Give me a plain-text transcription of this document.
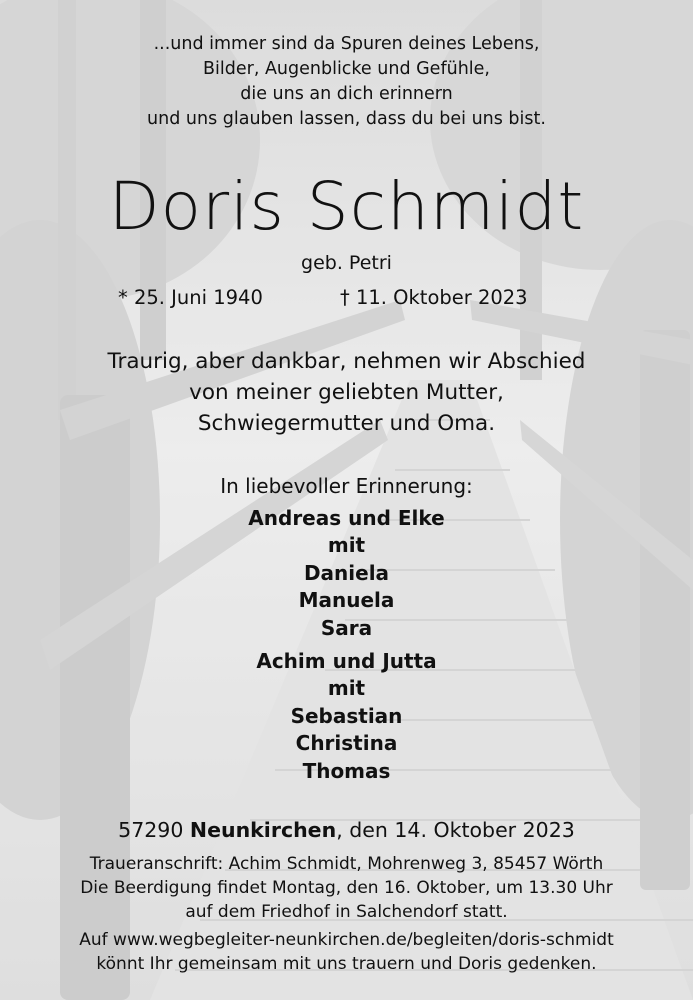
...und immer sind da Spuren deines Lebens,
Bilder, Augenblicke und Gefühle,
die uns an dich erinnern
und uns glauben lassen, dass du bei uns bist.
Doris Schmidt
geb. Petri
* 25. Juni 1940	† 11. Oktober 2023
Traurig, aber dankbar, nehmen wir Abschied
von meiner geliebten Mutter,
Schwiegermutter und Oma.
In liebevoller Erinnerung:
Andreas und Elke
mit
Daniela
Manuela
Sara
Achim und Jutta
mit
Sebastian
Christina
Thomas
57290 Neunkirchen, den 14. Oktober 2023
Traueranschrift: Achim Schmidt, Mohrenweg 3, 85457 Wörth
Die Beerdigung findet Montag, den 16. Oktober, um 13.30 Uhr
auf dem Friedhof in Salchendorf statt.
Auf www.wegbegleiter-neunkirchen.de/begleiten/doris-schmidt
könnt Ihr gemeinsam mit uns trauern und Doris gedenken.
